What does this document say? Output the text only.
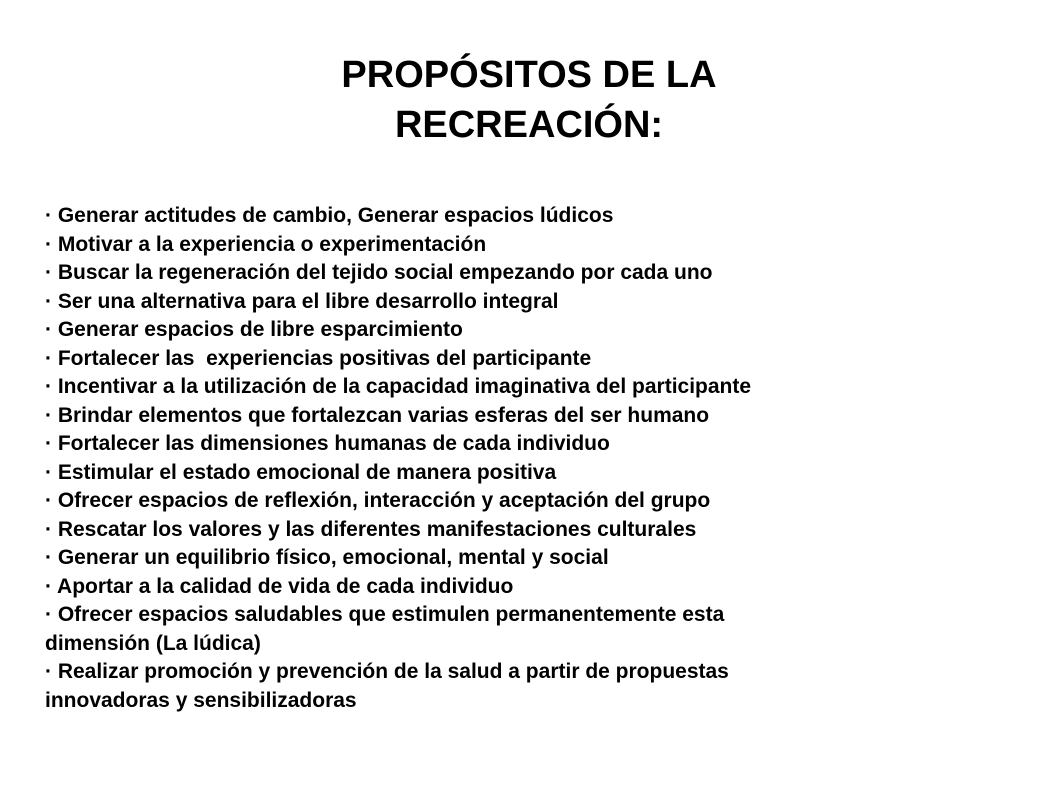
PROPÓSITOS DE LA
RECREACIÓN:
· Generar actitudes de cambio, Generar espacios lúdicos
· Motivar a la experiencia o experimentación
· Buscar la regeneración del tejido social empezando por cada uno
· Ser una alternativa para el libre desarrollo integral
· Generar espacios de libre esparcimiento
· Fortalecer las  experiencias positivas del participante
· Incentivar a la utilización de la capacidad imaginativa del participante
· Brindar elementos que fortalezcan varias esferas del ser humano
· Fortalecer las dimensiones humanas de cada individuo
· Estimular el estado emocional de manera positiva
· Ofrecer espacios de reflexión, interacción y aceptación del grupo
· Rescatar los valores y las diferentes manifestaciones culturales
· Generar un equilibrio físico, emocional, mental y social
· Aportar a la calidad de vida de cada individuo
· Ofrecer espacios saludables que estimulen permanentemente esta
dimensión (La lúdica)
· Realizar promoción y prevención de la salud a partir de propuestas
innovadoras y sensibilizadoras
